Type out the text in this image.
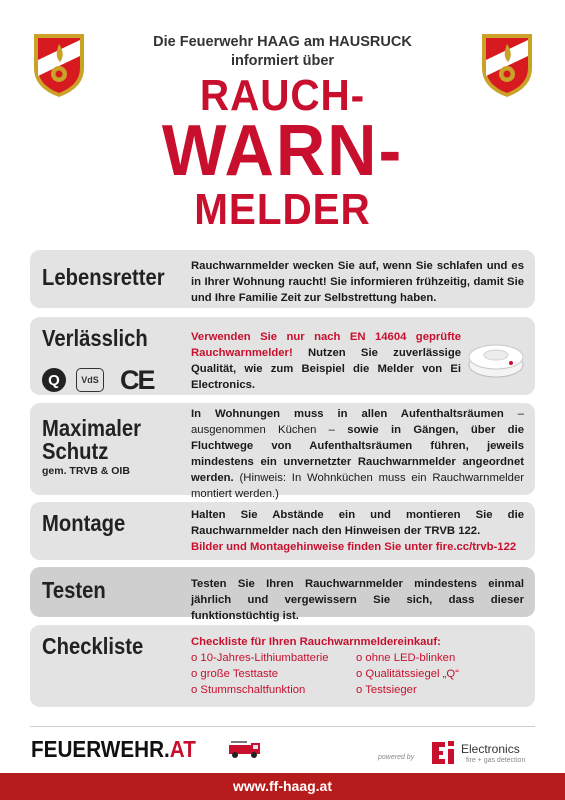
Die Feuerwehr HAAG am HAUSRUCK
informiert über
RAUCH-
WARN-
MELDER
Lebensretter Rauchwarnmelder wecken Sie auf, wenn Sie schlafen und es in Ihrer Wohnung raucht! Sie informieren frühzeitig, damit Sie und Ihre Familie Zeit zur Selbstrettung haben.
Verlässlich
Q	VdS CE
Verwenden Sie nur nach EN 14604 geprüfte Rauchwarnmelder! Nutzen Sie zuverlässige Qualität, wie zum Beispiel die Melder von Ei Electronics.
Maximaler
Schutz
gem. TRVB & OIB
In Wohnungen muss in allen Aufenthaltsräumen – ausgenommen Küchen – sowie in Gängen, über die Fluchtwege von Aufenthaltsräumen führen, jeweils mindestens ein unvernetzter Rauchwarnmelder angeordnet werden. (Hinweis: In Wohnküchen muss ein Rauchwarnmelder montiert werden.)
Montage	Halten Sie Abstände ein und montieren Sie die Rauchwarnmelder nach den Hinweisen der TRVB 122.
Bilder und Montagehinweise finden Sie unter fire.cc/trvb-122
Testen	Testen Sie Ihren Rauchwarnmelder mindestens einmal jährlich und vergewissern Sie sich, dass dieser funktionstüchtig ist.
Checkliste	Checkliste für Ihren Rauchwarnmeldereinkauf:
o 10-Jahres-Lithiumbatterie
o große Testtaste
o Stummschaltfunktion
o ohne LED-blinken
o Qualitätssiegel „Q“
o Testsieger
FEUERWEHR.AT	powered by
Electronics
fire + gas detection
www.ff-haag.at
